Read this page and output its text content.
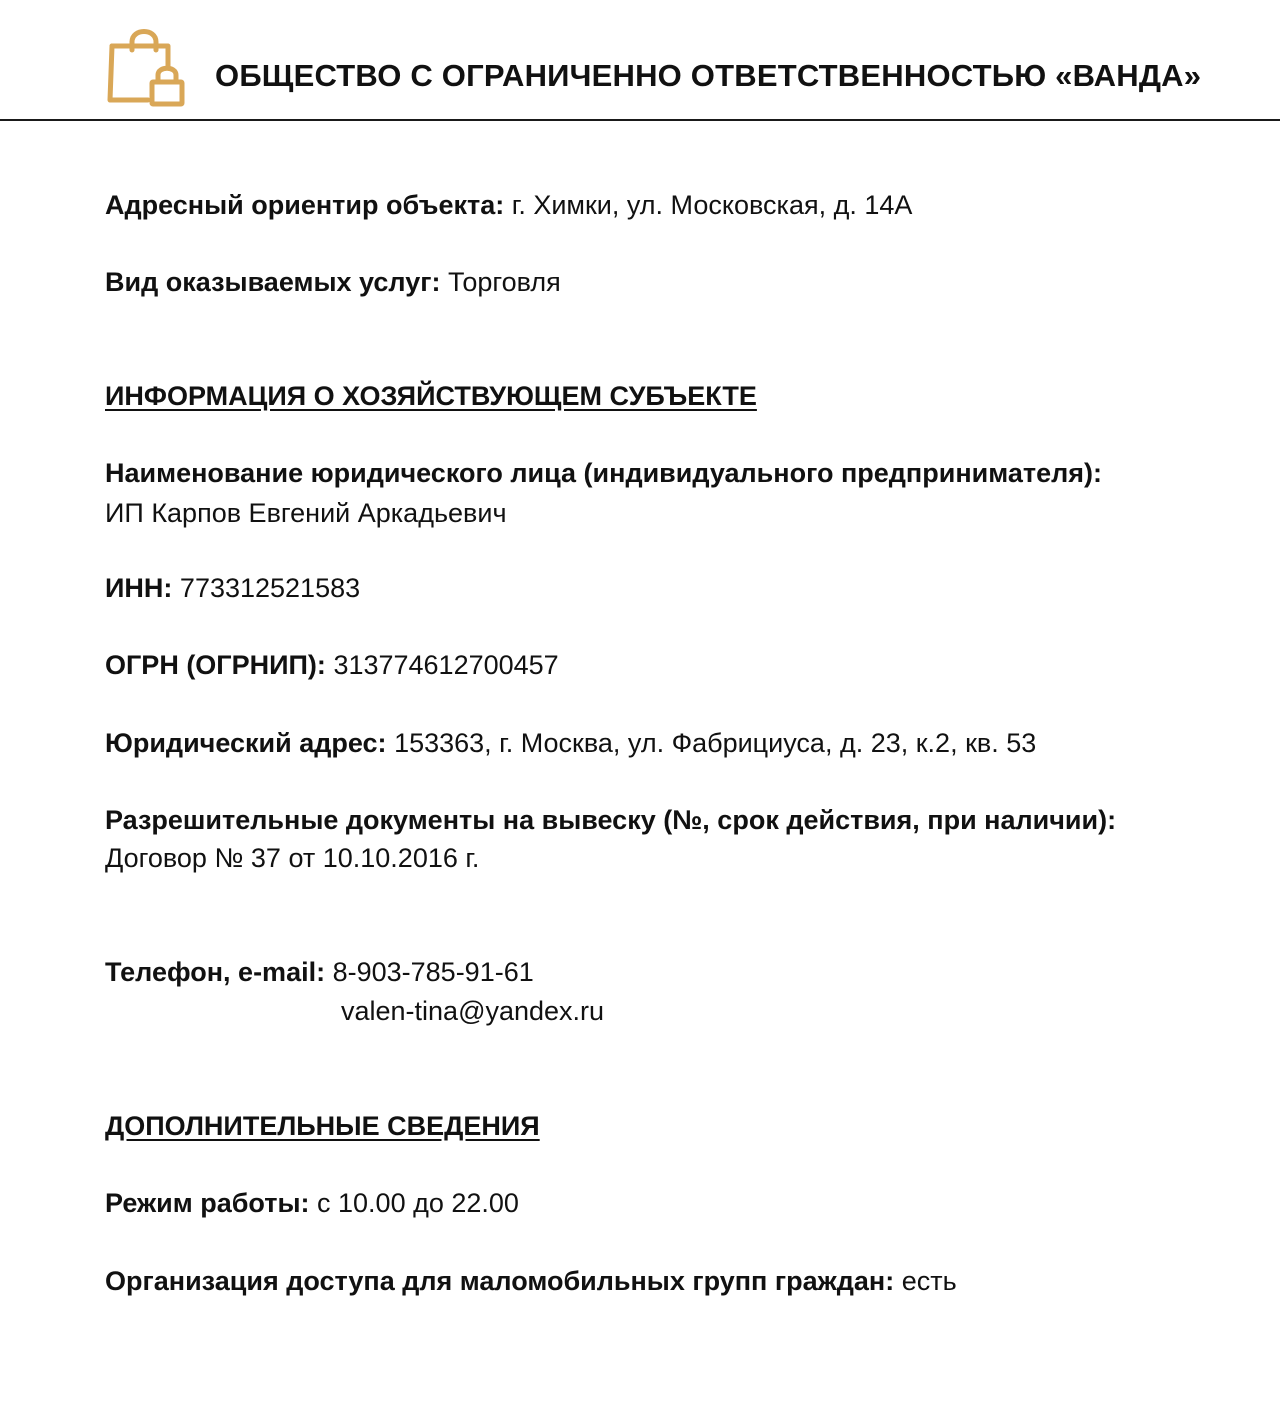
ОБЩЕСТВО С ОГРАНИЧЕННО ОТВЕТСТВЕННОСТЬЮ «ВАНДА»
Адресный ориентир объекта: г. Химки, ул. Московская, д. 14А
Вид оказываемых услуг: Торговля
ИНФОРМАЦИЯ О ХОЗЯЙСТВУЮЩЕМ СУБЪЕКТЕ
Наименование юридического лица (индивидуального предпринимателя):
ИП Карпов Евгений Аркадьевич
ИНН: 773312521583
ОГРН (ОГРНИП): 313774612700457
Юридический адрес: 153363, г. Москва, ул. Фабрициуса, д. 23, к.2, кв. 53
Разрешительные документы на вывеску (№, срок действия, при наличии):
Договор № 37 от 10.10.2016 г.
Телефон, e-mail: 8-903-785-91-61
valen-tina@yandex.ru
ДОПОЛНИТЕЛЬНЫЕ СВЕДЕНИЯ
Режим работы: с 10.00 до 22.00
Организация доступа для маломобильных групп граждан: есть
